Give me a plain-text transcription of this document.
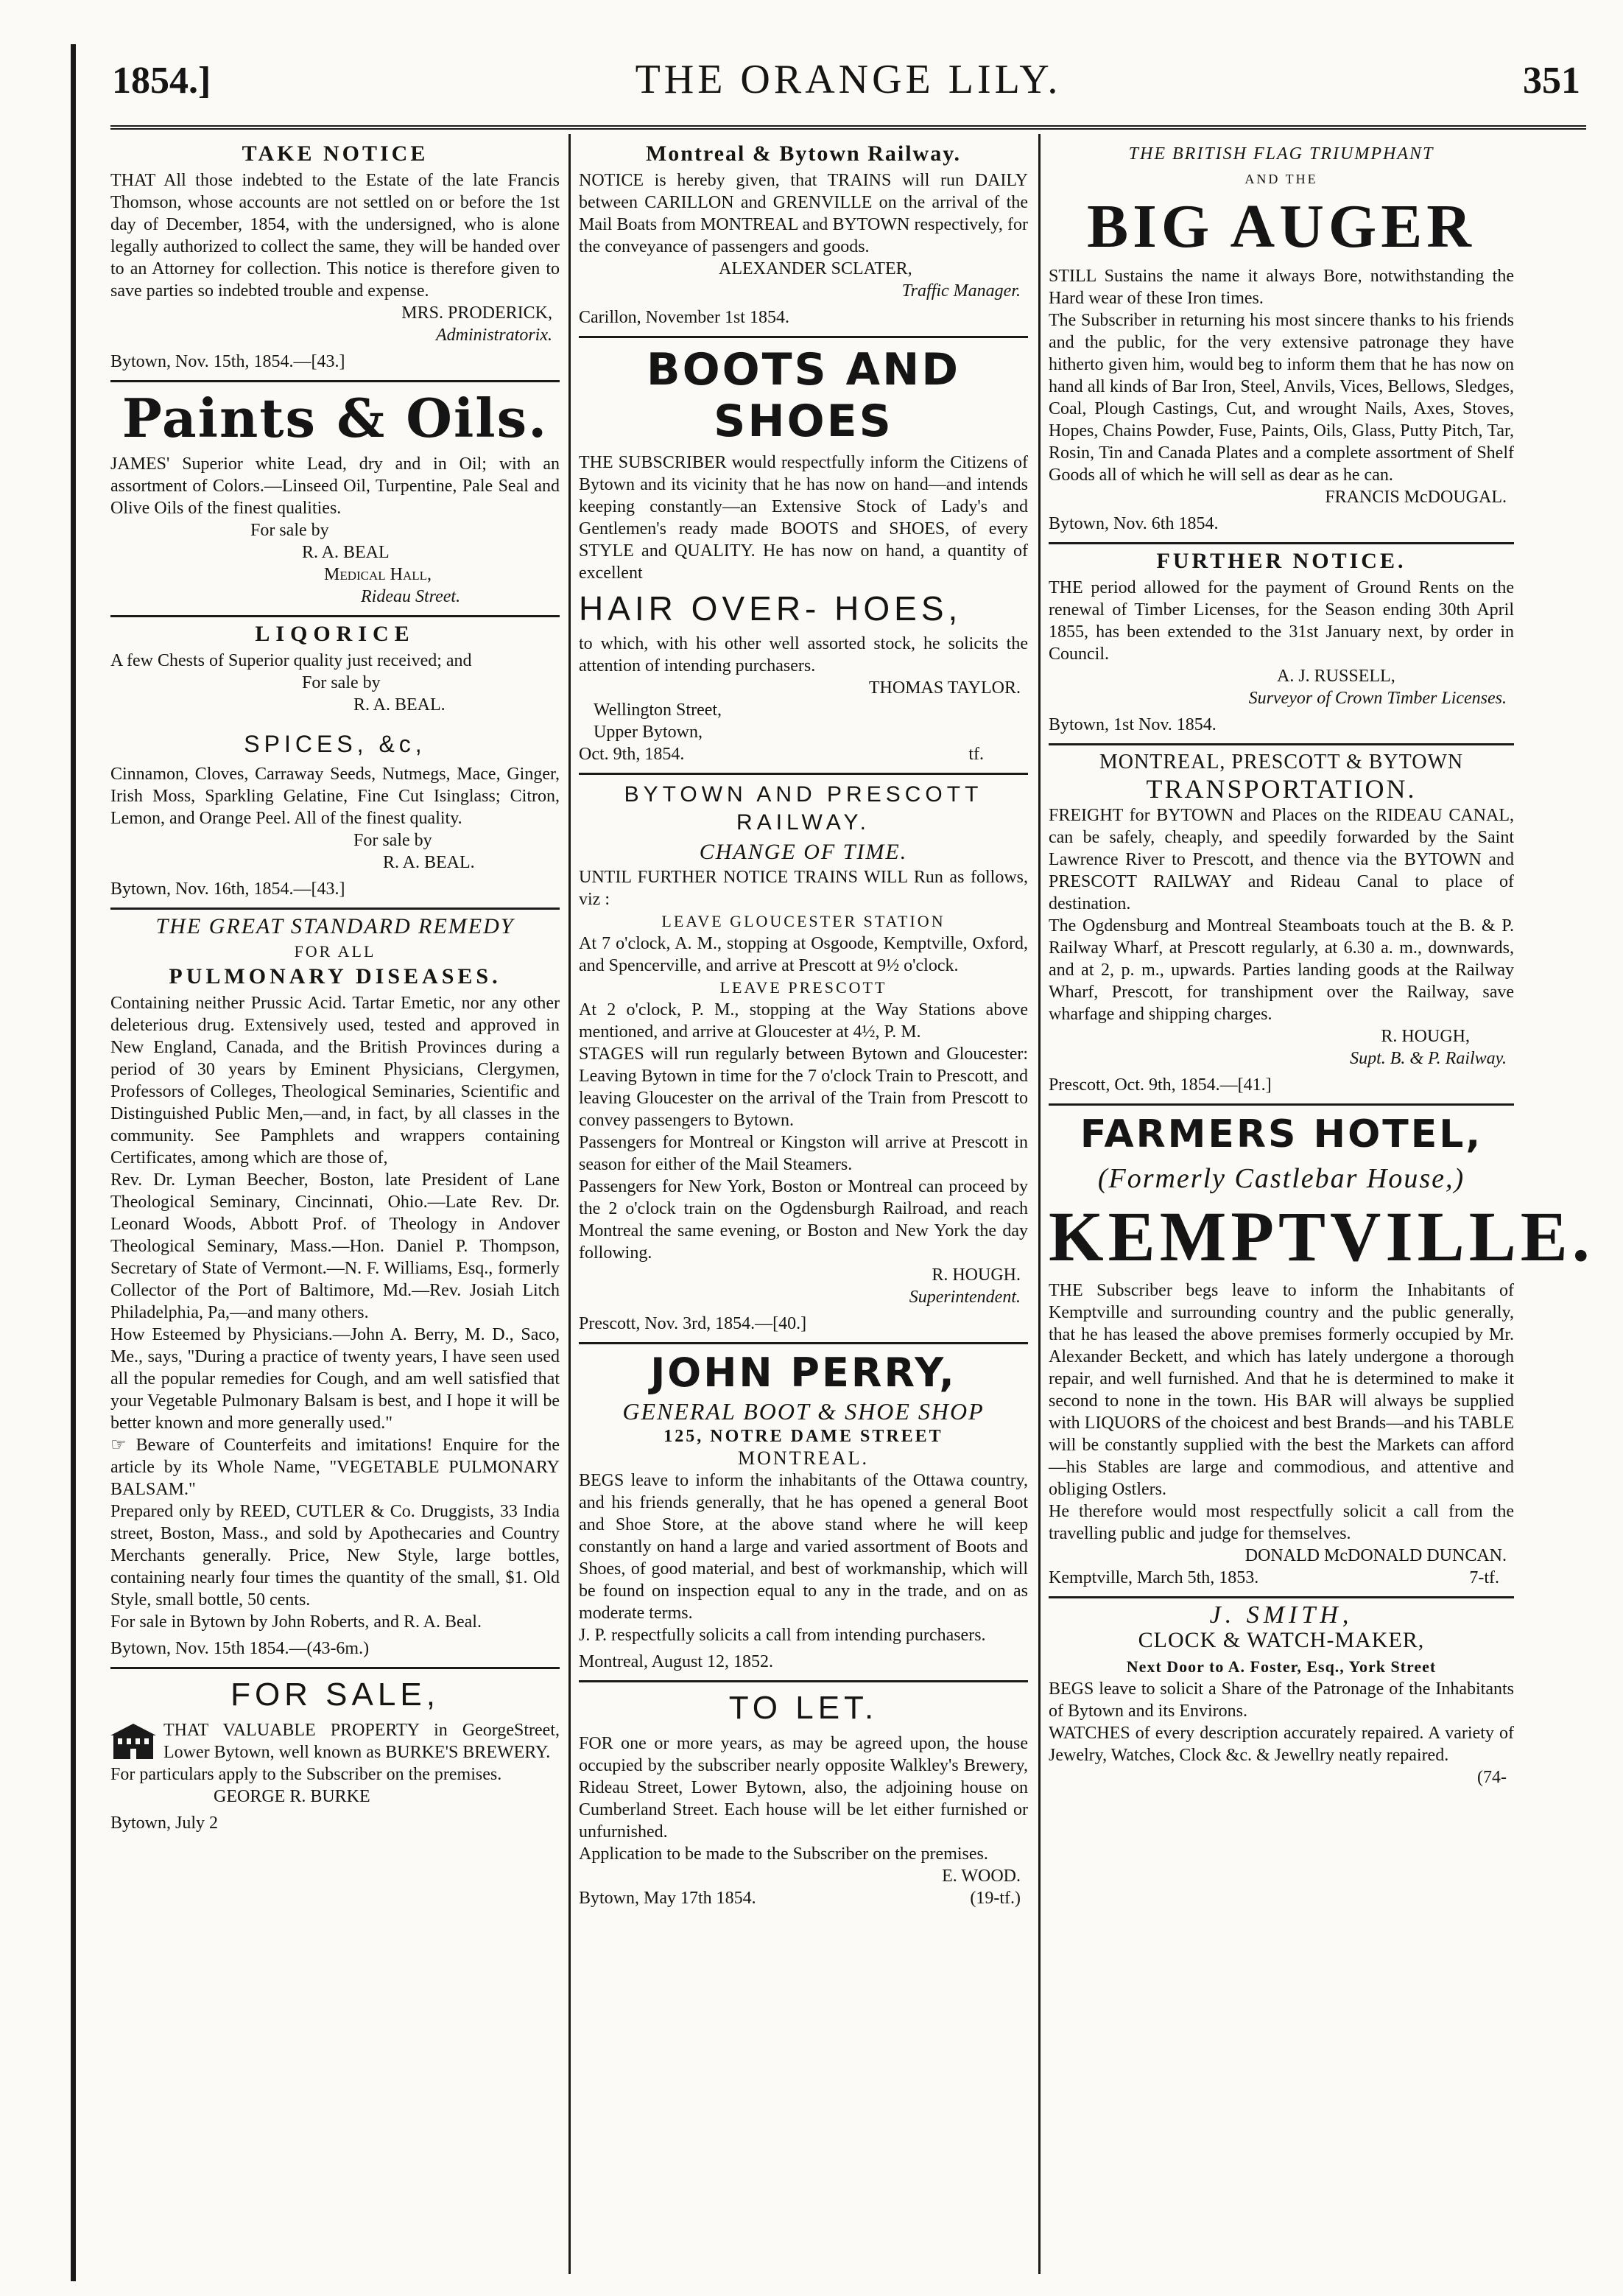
1854.]	THE ORANGE LILY.	351
TAKE NOTICE

THAT All those indebted to the Estate of the late Francis Thomson, whose accounts are not settled on or before the 1st day of December, 1854, with the undersigned, who is alone legally authorized to collect the same, they will be handed over to an Attorney for collection. This notice is therefore given to save parties so indebted trouble and expense.

MRS. PRODERICK,

Administratorix.

Bytown, Nov. 15th, 1854.—[43.]

Paints & Oils.

JAMES' Superior white Lead, dry and in Oil; with an assortment of Colors.—Linseed Oil, Turpentine, Pale Seal and Olive Oils of the finest qualities.

For sale by

R. A. BEAL

Medical Hall,

Rideau Street.

LIQORICE

A few Chests of Superior quality just received; and

For sale by

R. A. BEAL.

SPICES, &c,

Cinnamon, Cloves, Carraway Seeds, Nutmegs, Mace, Ginger, Irish Moss, Sparkling Gelatine, Fine Cut Isinglass; Citron, Lemon, and Orange Peel. All of the finest quality.

For sale by

R. A. BEAL.

Bytown, Nov. 16th, 1854.—[43.]

THE GREAT STANDARD REMEDY
FOR ALL
PULMONARY DISEASES.

Containing neither Prussic Acid. Tartar Emetic, nor any other deleterious drug. Extensively used, tested and approved in New England, Canada, and the British Provinces during a period of 30 years by Eminent Physicians, Clergymen, Professors of Colleges, Theological Seminaries, Scientific and Distinguished Public Men,—and, in fact, by all classes in the community. See Pamphlets and wrappers containing Certificates, among which are those of,

Rev. Dr. Lyman Beecher, Boston, late President of Lane Theological Seminary, Cincinnati, Ohio.—Late Rev. Dr. Leonard Woods, Abbott Prof. of Theology in Andover Theological Seminary, Mass.—Hon. Daniel P. Thompson, Secretary of State of Vermont.—N. F. Williams, Esq., formerly Collector of the Port of Baltimore, Md.—Rev. Josiah Litch Philadelphia, Pa,—and many others.

How Esteemed by Physicians.—John A. Berry, M. D., Saco, Me., says, "During a practice of twenty years, I have seen used all the popular remedies for Cough, and am well satisfied that your Vegetable Pulmonary Balsam is best, and I hope it will be better known and more generally used."

☞ Beware of Counterfeits and imitations! Enquire for the article by its Whole Name, "VEGETABLE PULMONARY BALSAM."

Prepared only by REED, CUTLER & Co. Druggists, 33 India street, Boston, Mass., and sold by Apothecaries and Country Merchants generally. Price, New Style, large bottles, containing nearly four times the quantity of the small, $1. Old Style, small bottle, 50 cents.

For sale in Bytown by John Roberts, and R. A. Beal.

Bytown, Nov. 15th 1854.—(43-6m.)

FOR SALE,

THAT VALUABLE PROPERTY in GeorgeStreet, Lower Bytown, well known as BURKE'S BREWERY.

For particulars apply to the Subscriber on the premises.

GEORGE R. BURKE

Bytown, July 2

Montreal & Bytown Railway.

NOTICE is hereby given, that TRAINS will run DAILY between CARILLON and GRENVILLE on the arrival of the Mail Boats from MONTREAL and BYTOWN respectively, for the conveyance of passengers and goods.

ALEXANDER SCLATER,

Traffic Manager.

Carillon, November 1st 1854.

BOOTS AND SHOES

THE SUBSCRIBER would respectfully inform the Citizens of Bytown and its vicinity that he has now on hand—and intends keeping constantly—an Extensive Stock of Lady's and Gentlemen's ready made BOOTS and SHOES, of every STYLE and QUALITY. He has now on hand, a quantity of excellent

HAIR OVER- HOES,

to which, with his other well assorted stock, he solicits the attention of intending purchasers.

THOMAS TAYLOR.

Wellington Street,

Upper Bytown,

Oct. 9th, 1854.	tf.

BYTOWN AND PRESCOTT RAILWAY.
CHANGE OF TIME.

UNTIL FURTHER NOTICE TRAINS WILL Run as follows, viz :

LEAVE GLOUCESTER STATION

At 7 o'clock, A. M., stopping at Osgoode, Kemptville, Oxford, and Spencerville, and arrive at Prescott at 9½ o'clock.

LEAVE PRESCOTT

At 2 o'clock, P. M., stopping at the Way Stations above mentioned, and arrive at Gloucester at 4½, P. M.

STAGES will run regularly between Bytown and Gloucester: Leaving Bytown in time for the 7 o'clock Train to Prescott, and leaving Gloucester on the arrival of the Train from Prescott to convey passengers to Bytown.

Passengers for Montreal or Kingston will arrive at Prescott in season for either of the Mail Steamers.

Passengers for New York, Boston or Montreal can proceed by the 2 o'clock train on the Ogdensburgh Railroad, and reach Montreal the same evening, or Boston and New York the day following.

R. HOUGH.

Superintendent.

Prescott, Nov. 3rd, 1854.—[40.]

JOHN PERRY,
GENERAL BOOT & SHOE SHOP
125, NOTRE DAME STREET
MONTREAL.

BEGS leave to inform the inhabitants of the Ottawa country, and his friends generally, that he has opened a general Boot and Shoe Store, at the above stand where he will keep constantly on hand a large and varied assortment of Boots and Shoes, of good material, and best of workmanship, which will be found on inspection equal to any in the trade, and on as moderate terms.

J. P. respectfully solicits a call from intending purchasers.

Montreal, August 12, 1852.

TO LET.

FOR one or more years, as may be agreed upon, the house occupied by the subscriber nearly opposite Walkley's Brewery, Rideau Street, Lower Bytown, also, the adjoining house on Cumberland Street. Each house will be let either furnished or unfurnished.

Application to be made to the Subscriber on the premises.

E. WOOD.

Bytown, May 17th 1854.	(19-tf.)

THE BRITISH FLAG TRIUMPHANT
AND THE
BIG AUGER

STILL Sustains the name it always Bore, notwithstanding the Hard wear of these Iron times.

The Subscriber in returning his most sincere thanks to his friends and the public, for the very extensive patronage they have hitherto given him, would beg to inform them that he has now on hand all kinds of Bar Iron, Steel, Anvils, Vices, Bellows, Sledges, Coal, Plough Castings, Cut, and wrought Nails, Axes, Stoves, Hopes, Chains Powder, Fuse, Paints, Oils, Glass, Putty Pitch, Tar, Rosin, Tin and Canada Plates and a complete assortment of Shelf Goods all of which he will sell as dear as he can.

FRANCIS McDOUGAL.

Bytown, Nov. 6th 1854.

FURTHER NOTICE.

THE period allowed for the payment of Ground Rents on the renewal of Timber Licenses, for the Season ending 30th April 1855, has been extended to the 31st January next, by order in Council.

A. J. RUSSELL,

Surveyor of Crown Timber Licenses.

Bytown, 1st Nov. 1854.

MONTREAL, PRESCOTT & BYTOWN
TRANSPORTATION.

FREIGHT for BYTOWN and Places on the RIDEAU CANAL, can be safely, cheaply, and speedily forwarded by the Saint Lawrence River to Prescott, and thence via the BYTOWN and PRESCOTT RAILWAY and Rideau Canal to place of destination.

The Ogdensburg and Montreal Steamboats touch at the B. & P. Railway Wharf, at Prescott regularly, at 6.30 a. m., downwards, and at 2, p. m., upwards. Parties landing goods at the Railway Wharf, Prescott, for transhipment over the Railway, save wharfage and shipping charges.

R. HOUGH,

Supt. B. & P. Railway.

Prescott, Oct. 9th, 1854.—[41.]

FARMERS HOTEL,
(Formerly Castlebar House,)
KEMPTVILLE.

THE Subscriber begs leave to inform the Inhabitants of Kemptville and surrounding country and the public generally, that he has leased the above premises formerly occupied by Mr. Alexander Beckett, and which has lately undergone a thorough repair, and well furnished. And that he is determined to make it second to none in the town. His BAR will always be supplied with LIQUORS of the choicest and best Brands—and his TABLE will be constantly supplied with the best the Markets can afford—his Stables are large and commodious, and attentive and obliging Ostlers.

He therefore would most respectfully solicit a call from the travelling public and judge for themselves.

DONALD McDONALD DUNCAN.

Kemptville, March 5th, 1853.	7-tf.

J. SMITH,
CLOCK & WATCH-MAKER,
Next Door to A. Foster, Esq., York Street

BEGS leave to solicit a Share of the Patronage of the Inhabitants of Bytown and its Environs.

WATCHES of every description accurately repaired. A variety of Jewelry, Watches, Clock &c. & Jewellry neatly repaired.

(74-
